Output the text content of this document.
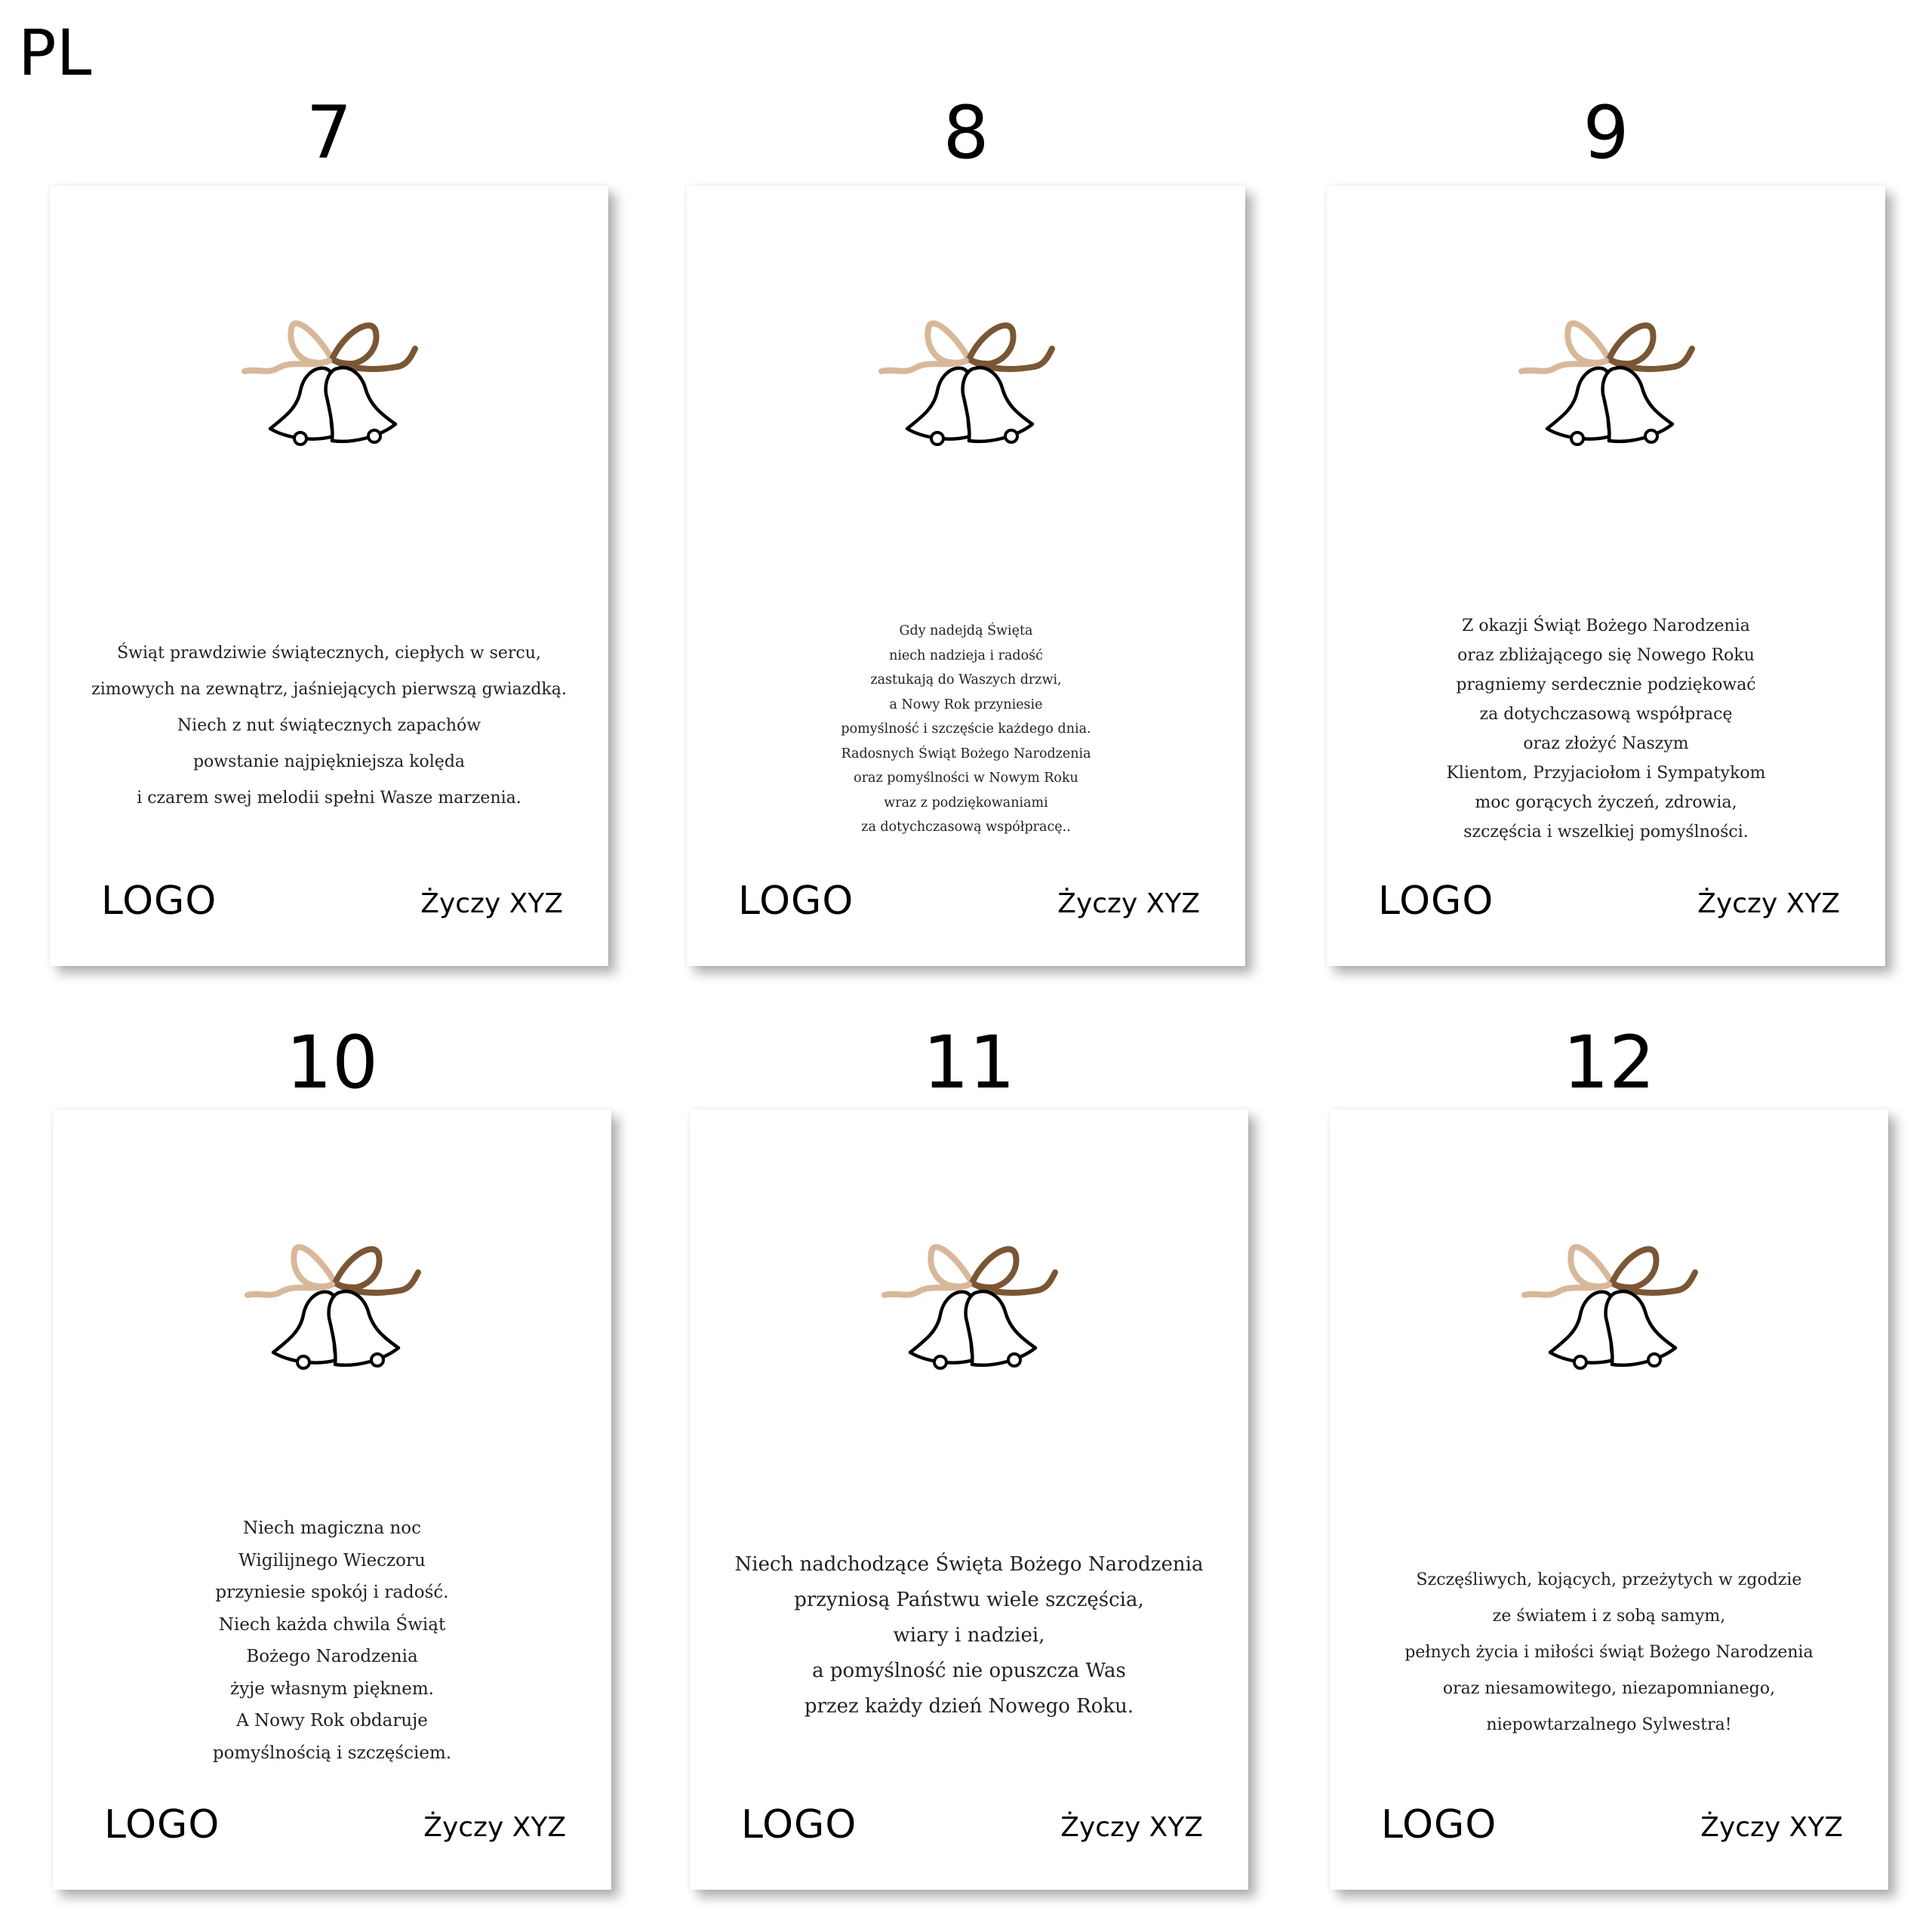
PL
7
Świąt prawdziwie świątecznych, ciepłych w sercu,
zimowych na zewnątrz, jaśniejących pierwszą gwiazdką.
Niech z nut świątecznych zapachów
powstanie najpiękniejsza kolęda
i czarem swej melodii spełni Wasze marzenia.
LOGO	Życzy XYZ
8
Gdy nadejdą Święta
niech nadzieja i radość
zastukają do Waszych drzwi,
a Nowy Rok przyniesie
pomyślność i szczęście każdego dnia.
Radosnych Świąt Bożego Narodzenia
oraz pomyślności w Nowym Roku
wraz z podziękowaniami
za dotychczasową współpracę..
LOGO	Życzy XYZ
9
Z okazji Świąt Bożego Narodzenia
oraz zbliżającego się Nowego Roku
pragniemy serdecznie podziękować
za dotychczasową współpracę
oraz złożyć Naszym
Klientom, Przyjaciołom i Sympatykom
moc gorących życzeń, zdrowia,
szczęścia i wszelkiej pomyślności.
LOGO	Życzy XYZ
10
Niech magiczna noc
Wigilijnego Wieczoru
przyniesie spokój i radość.
Niech każda chwila Świąt
Bożego Narodzenia
żyje własnym pięknem.
A Nowy Rok obdaruje
pomyślnością i szczęściem.
LOGO	Życzy XYZ
11
Niech nadchodzące Święta Bożego Narodzenia
przyniosą Państwu wiele szczęścia,
wiary i nadziei,
a pomyślność nie opuszcza Was
przez każdy dzień Nowego Roku.
LOGO	Życzy XYZ
12
Szczęśliwych, kojących, przeżytych w zgodzie
ze światem i z sobą samym,
pełnych życia i miłości świąt Bożego Narodzenia
oraz niesamowitego, niezapomnianego,
niepowtarzalnego Sylwestra!
LOGO	Życzy XYZ
